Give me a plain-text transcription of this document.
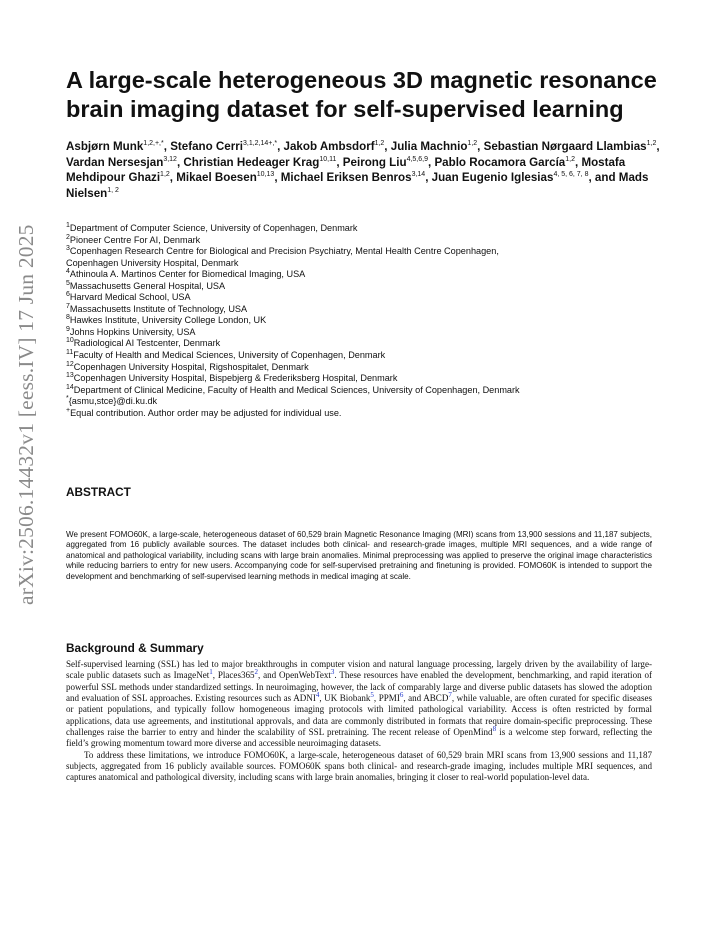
arXiv:2506.14432v1 [eess.IV] 17 Jun 2025
A large-scale heterogeneous 3D magnetic resonance
brain imaging dataset for self-supervised learning
Asbjørn Munk$^{1,2,+,*}$, Stefano Cerri$^{3,1,2,14+,*}$, Jakob Ambsdorf$^{1,2}$, Julia Machnio$^{1,2}$, Sebastian Nørgaard Llambias$^{1,2}$, Vardan Nersesjan$^{3,12}$, Christian Hedeager Krag$^{10,11}$, Peirong Liu$^{4,5,6,9}$, Pablo Rocamora García$^{1,2}$, Mostafa Mehdipour Ghazi$^{1,2}$, Mikael Boesen$^{10,13}$, Michael Eriksen Benros$^{3,14}$, Juan Eugenio Iglesias$^{4, 5, 6, 7, 8}$, and Mads Nielsen$^{1, 2}$
$^1$Department of Computer Science, University of Copenhagen, Denmark
$^2$Pioneer Centre For AI, Denmark
$^3$Copenhagen Research Centre for Biological and Precision Psychiatry, Mental Health Centre Copenhagen,
Copenhagen University Hospital, Denmark
$^4$Athinoula A. Martinos Center for Biomedical Imaging, USA
$^5$Massachusetts General Hospital, USA
$^6$Harvard Medical School, USA
$^7$Massachusetts Institute of Technology, USA
$^8$Hawkes Institute, University College London, UK
$^9$Johns Hopkins University, USA
$^{10}$Radiological AI Testcenter, Denmark
$^{11}$Faculty of Health and Medical Sciences, University of Copenhagen, Denmark
$^{12}$Copenhagen University Hospital, Rigshospitalet, Denmark
$^{13}$Copenhagen University Hospital, Bispebjerg & Frederiksberg Hospital, Denmark
$^{14}$Department of Clinical Medicine, Faculty of Health and Medical Sciences, University of Copenhagen, Denmark
*{asmu,stce}@di.ku.dk
+Equal contribution. Author order may be adjusted for individual use.
ABSTRACT

We present FOMO60K, a large-scale, heterogeneous dataset of 60,529 brain Magnetic Resonance Imaging (MRI) scans from 13,900 sessions and 11,187 subjects, aggregated from 16 publicly available sources. The dataset includes both clinical- and research-grade images, multiple MRI sequences, and a wide range of anatomical and pathological variability, including scans with large brain anomalies. Minimal preprocessing was applied to preserve the original image characteristics while reducing barriers to entry for new users. Accompanying code for self-supervised pretraining and finetuning is provided. FOMO60K is intended to support the development and benchmarking of self-supervised learning methods in medical imaging at scale.

Background & Summary

Self-supervised learning (SSL) has led to major breakthroughs in computer vision and natural language processing, largely driven by the availability of large-scale public datasets such as ImageNet$^1$, Places365$^2$, and OpenWebText$^3$. These resources have enabled the development, benchmarking, and rapid iteration of powerful SSL methods under standardized settings. In neuroimaging, however, the lack of comparably large and diverse public datasets has slowed the adoption and evaluation of SSL approaches. Existing resources such as ADNI$^4$, UK Biobank$^5$, PPMI$^6$, and ABCD$^7$, while valuable, are often curated for specific diseases or patient populations, and typically follow homogeneous imaging protocols with limited pathological variability. Access is often restricted by formal applications, data use agreements, and institutional approvals, and data are commonly distributed in formats that require domain-specific preprocessing. These challenges raise the barrier to entry and hinder the scalability of SSL pretraining. The recent release of OpenMind$^8$ is a welcome step forward, reflecting the field’s growing momentum toward more diverse and accessible neuroimaging datasets.

To address these limitations, we introduce FOMO60K, a large-scale, heterogeneous dataset of 60,529 brain MRI scans from 13,900 sessions and 11,187 subjects, aggregated from 16 publicly available sources. FOMO60K spans both clinical- and research-grade imaging, includes multiple MRI sequences, and captures anatomical and pathological diversity, including scans with large brain anomalies, bringing it closer to real-world population-level data.
